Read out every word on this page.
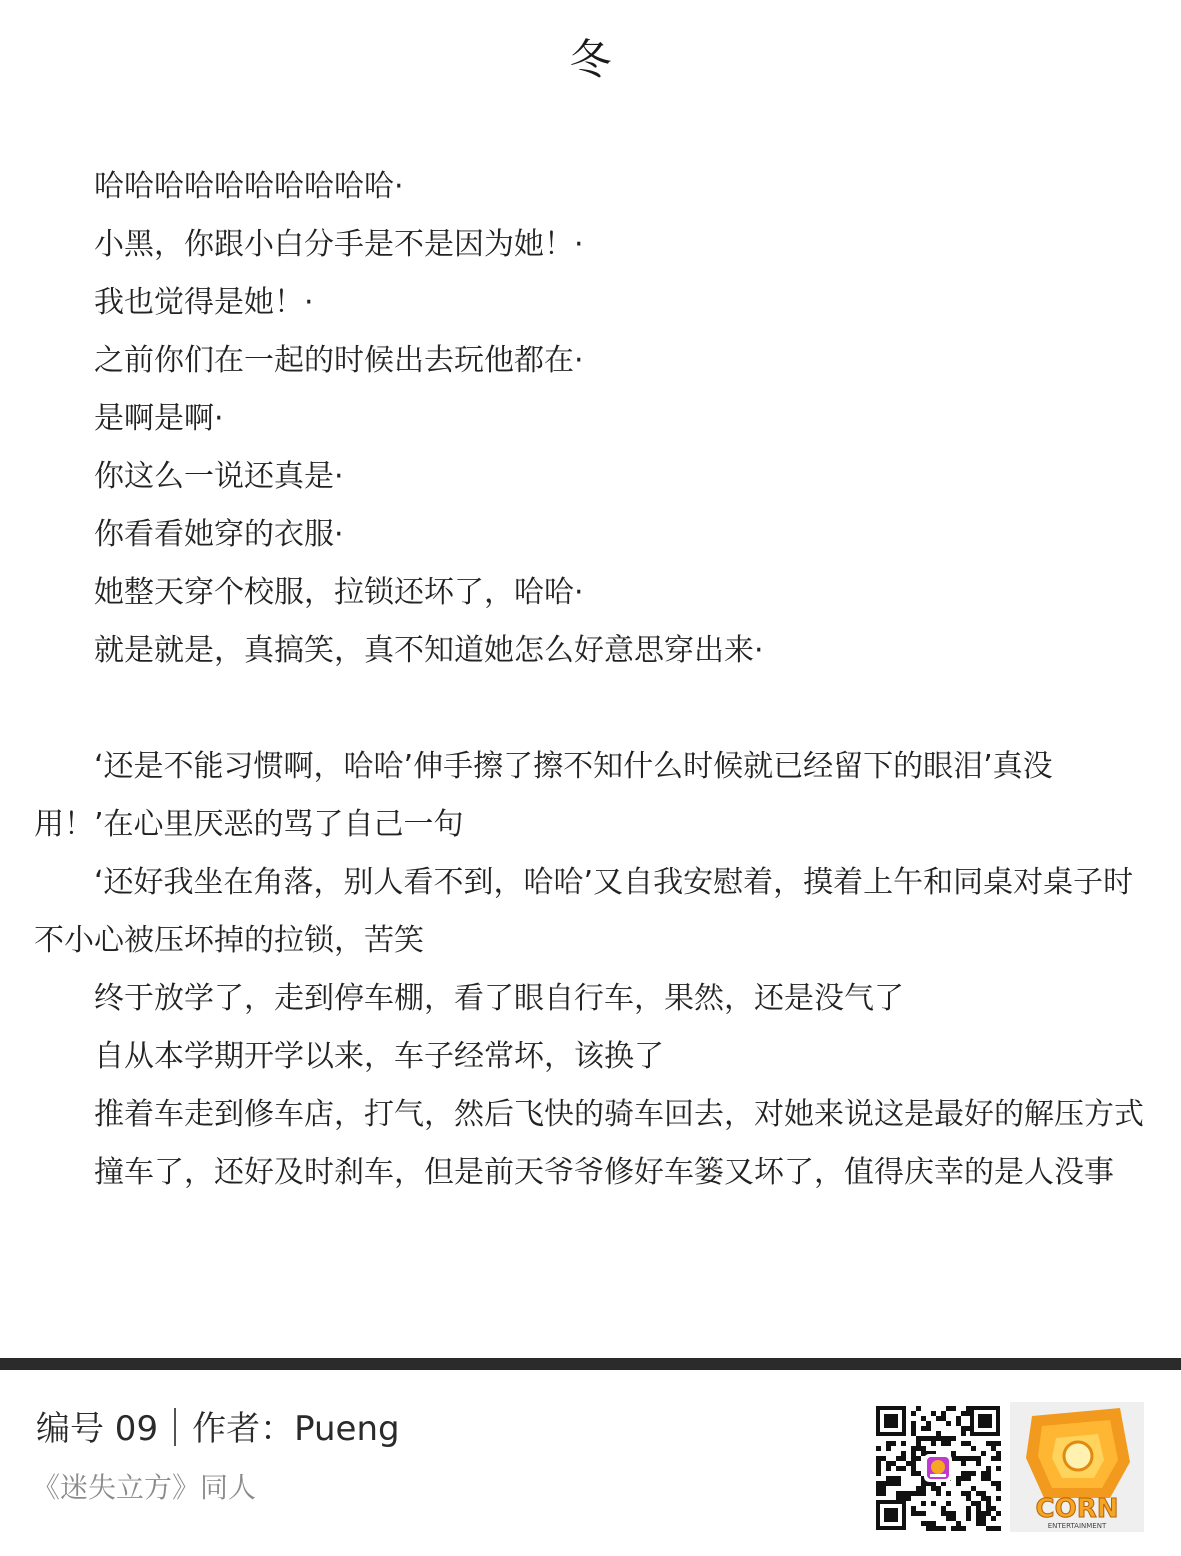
冬

哈哈哈哈哈哈哈哈哈哈·

小黑，你跟小白分手是不是因为她！·

我也觉得是她！·

之前你们在一起的时候出去玩他都在·

是啊是啊·

你这么一说还真是·

你看看她穿的衣服·

她整天穿个校服，拉锁还坏了，哈哈·

就是就是，真搞笑，真不知道她怎么好意思穿出来·

‘还是不能习惯啊，哈哈’伸手擦了擦不知什么时候就已经留下的眼泪’真没用！’在心里厌恶的骂了自己一句

‘还好我坐在角落，别人看不到，哈哈’又自我安慰着，摸着上午和同桌对桌子时不小心被压坏掉的拉锁，苦笑

终于放学了，走到停车棚，看了眼自行车，果然，还是没气了

自从本学期开学以来，车子经常坏，该换了

推着车走到修车店，打气，然后飞快的骑车回去，对她来说这是最好的解压方式

撞车了，还好及时刹车，但是前天爷爷修好车篓又坏了，值得庆幸的是人没事

编号 09 作者：Pueng
《迷失立方》同人
CORN
ENTERTAINMENT
